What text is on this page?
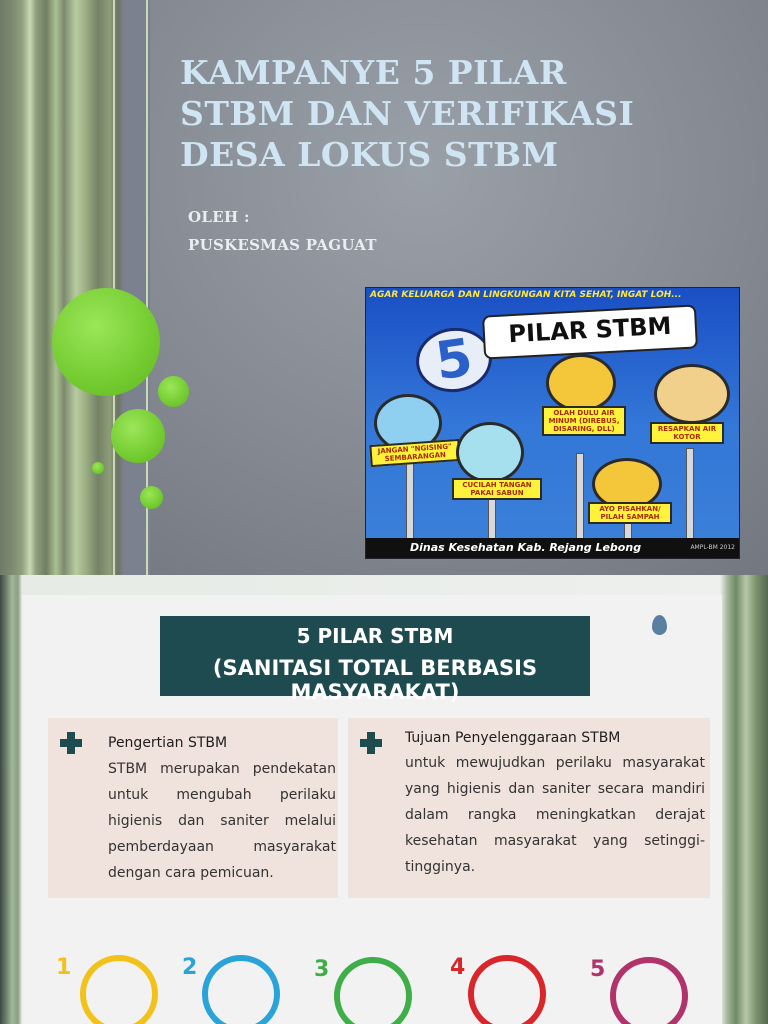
KAMPANYE 5 PILAR
STBM DAN VERIFIKASI
DESA LOKUS STBM
OLEH :
PUSKESMAS PAGUAT
AGAR KELUARGA DAN LINGKUNGAN KITA SEHAT, INGAT LOH...
5	PILAR STBM
JANGAN "NGISING" SEMBARANGAN
CUCILAH TANGAN PAKAI SABUN
OLAH DULU AIR MINUM (DIREBUS, DISARING, DLL)
AYO PISAHKAN/ PILAH SAMPAH
RESAPKAN AIR KOTOR
Dinas Kesehatan Kab. Rejang Lebong	AMPL-BM 2012
5 PILAR STBM
(SANITASI TOTAL BERBASIS MASYARAKAT)
Pengertian STBM
STBM merupakan pendekatan untuk mengubah perilaku higienis dan saniter melalui pemberdayaan masyarakat dengan cara pemicuan.
Tujuan Penyelenggaraan STBM
untuk mewujudkan perilaku masyarakat yang higienis dan saniter secara mandiri dalam rangka meningkatkan derajat kesehatan masyarakat yang setinggi-tingginya.
1	2	3	4	5
